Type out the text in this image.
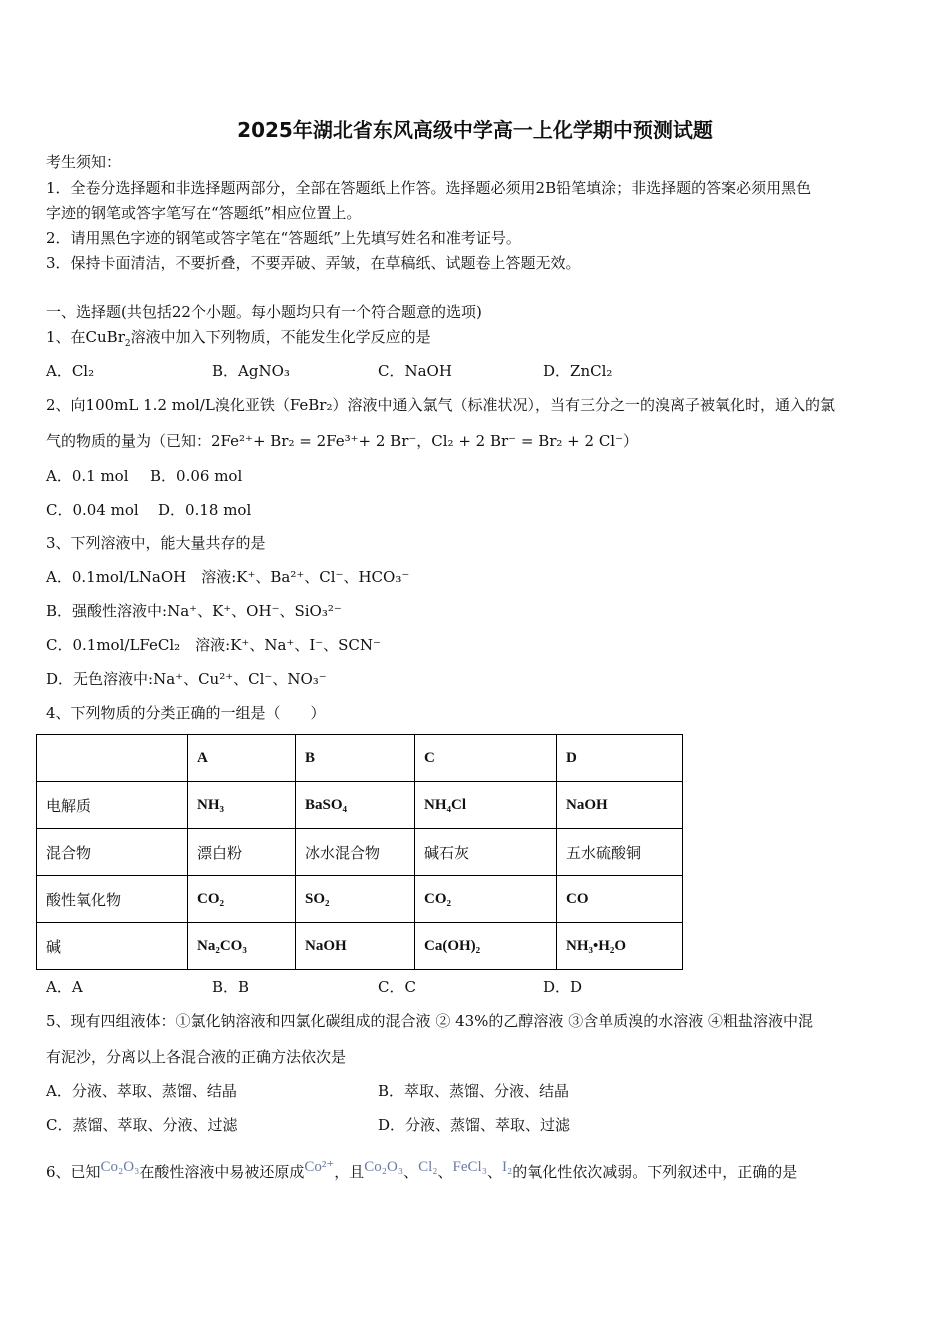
2025年湖北省东风高级中学高一上化学期中预测试题
考生须知：
1．全卷分选择题和非选择题两部分，全部在答题纸上作答。选择题必须用2B铅笔填涂；非选择题的答案必须用黑色
字迹的钢笔或答字笔写在“答题纸”相应位置上。
2．请用黑色字迹的钢笔或答字笔在“答题纸”上先填写姓名和准考证号。
3．保持卡面清洁，不要折叠，不要弄破、弄皱，在草稿纸、试题卷上答题无效。
一、选择题(共包括22个小题。每小题均只有一个符合题意的选项)
1、在CuBr$_2$溶液中加入下列物质，不能发生化学反应的是
A．Cl₂	B．AgNO₃	C．NaOH	D．ZnCl₂
2、向100mL 1.2 mol/L溴化亚铁（FeBr₂）溶液中通入氯气（标准状况），当有三分之一的溴离子被氧化时，通入的氯
气的物质的量为（已知：2Fe²⁺+ Br₂ = 2Fe³⁺+ 2 Br⁻，Cl₂ + 2 Br⁻ = Br₂ + 2 Cl⁻）
A．0.1 mol B．0.06 mol
C．0.04 mol D．0.18 mol
3、下列溶液中，能大量共存的是
A．0.1mol/LNaOH　溶液:K⁺、Ba²⁺、Cl⁻、HCO₃⁻
B．强酸性溶液中:Na⁺、K⁺、OH⁻、SiO₃²⁻
C．0.1mol/LFeCl₂　溶液:K⁺、Na⁺、I⁻、SCN⁻
D．无色溶液中:Na⁺、Cu²⁺、Cl⁻、NO₃⁻
4、下列物质的分类正确的一组是（　　）
	A	B	C	D
电解质	NH₃	BaSO₄	NH₄Cl	NaOH
混合物	漂白粉	冰水混合物	碱石灰	五水硫酸铜
酸性氧化物	CO₂	SO₂	CO₂	CO
碱	Na₂CO₃	NaOH	Ca(OH)₂	NH₃•H₂O
A．A	B．B	C．C	D．D
5、现有四组液体：①氯化钠溶液和四氯化碳组成的混合液 ② 43%的乙醇溶液 ③含单质溴的水溶液 ④粗盐溶液中混
有泥沙，分离以上各混合液的正确方法依次是
A．分液、萃取、蒸馏、结晶	B．萃取、蒸馏、分液、结晶
C．蒸馏、萃取、分液、过滤	D．分液、蒸馏、萃取、过滤
6、已知Co₂O₃在酸性溶液中易被还原成Co²⁺，且Co₂O₃、Cl₂、FeCl₃、I₂的氧化性依次减弱。下列叙述中，正确的是
